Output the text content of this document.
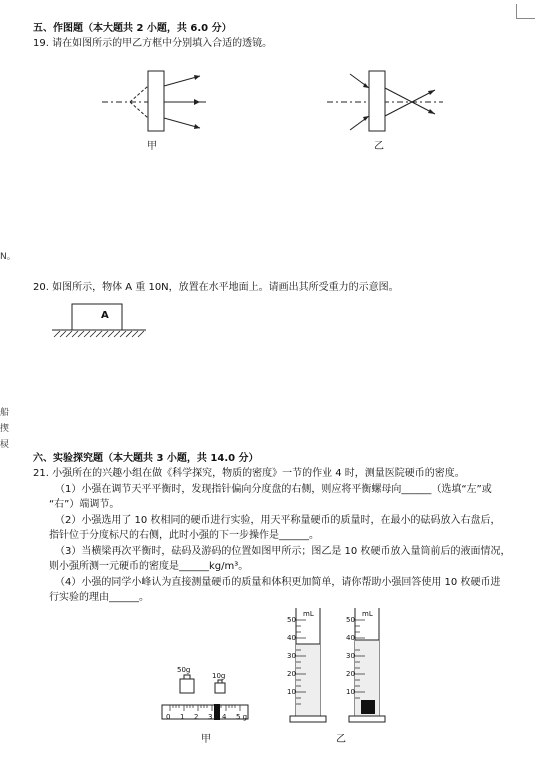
五、作图题（本大题共 2 小题，共 6.0 分）
19. 请在如图所示的甲乙方框中分别填入合适的透镜。
甲	乙
N。
船
揳
棂
20. 如图所示，物体 A 重 10N，放置在水平地面上。请画出其所受重力的示意图。
A
六、实验探究题（本大题共 3 小题，共 14.0 分）
21. 小强所在的兴趣小组在做《科学探究，物质的密度》一节的作业 4 时，测量医院硬币的密度。
（1）小强在调节天平平衡时，发现指针偏向分度盘的右侧，则应将平衡螺母向______（选填“左”或
“右”）端调节。
（2）小强选用了 10 枚相同的硬币进行实验，用天平称量硬币的质量时，在最小的砝码放入右盘后，
指针位于分度标尺的右侧，此时小强的下一步操作是______。
（3）当横梁再次平衡时，砝码及游码的位置如图甲所示；图乙是 10 枚硬币放入量筒前后的液面情况，
则小强所测一元硬币的密度是______kg/m³。
（4）小强的同学小峰认为直接测量硬币的质量和体积更加简单，请你帮助小强回答使用 10 枚硬币进
行实验的理由______。
50g
10g
0 1 2 3 4 5 g
甲
mL
50
40
30
20
10
mL
50
40
30
20
10
乙
